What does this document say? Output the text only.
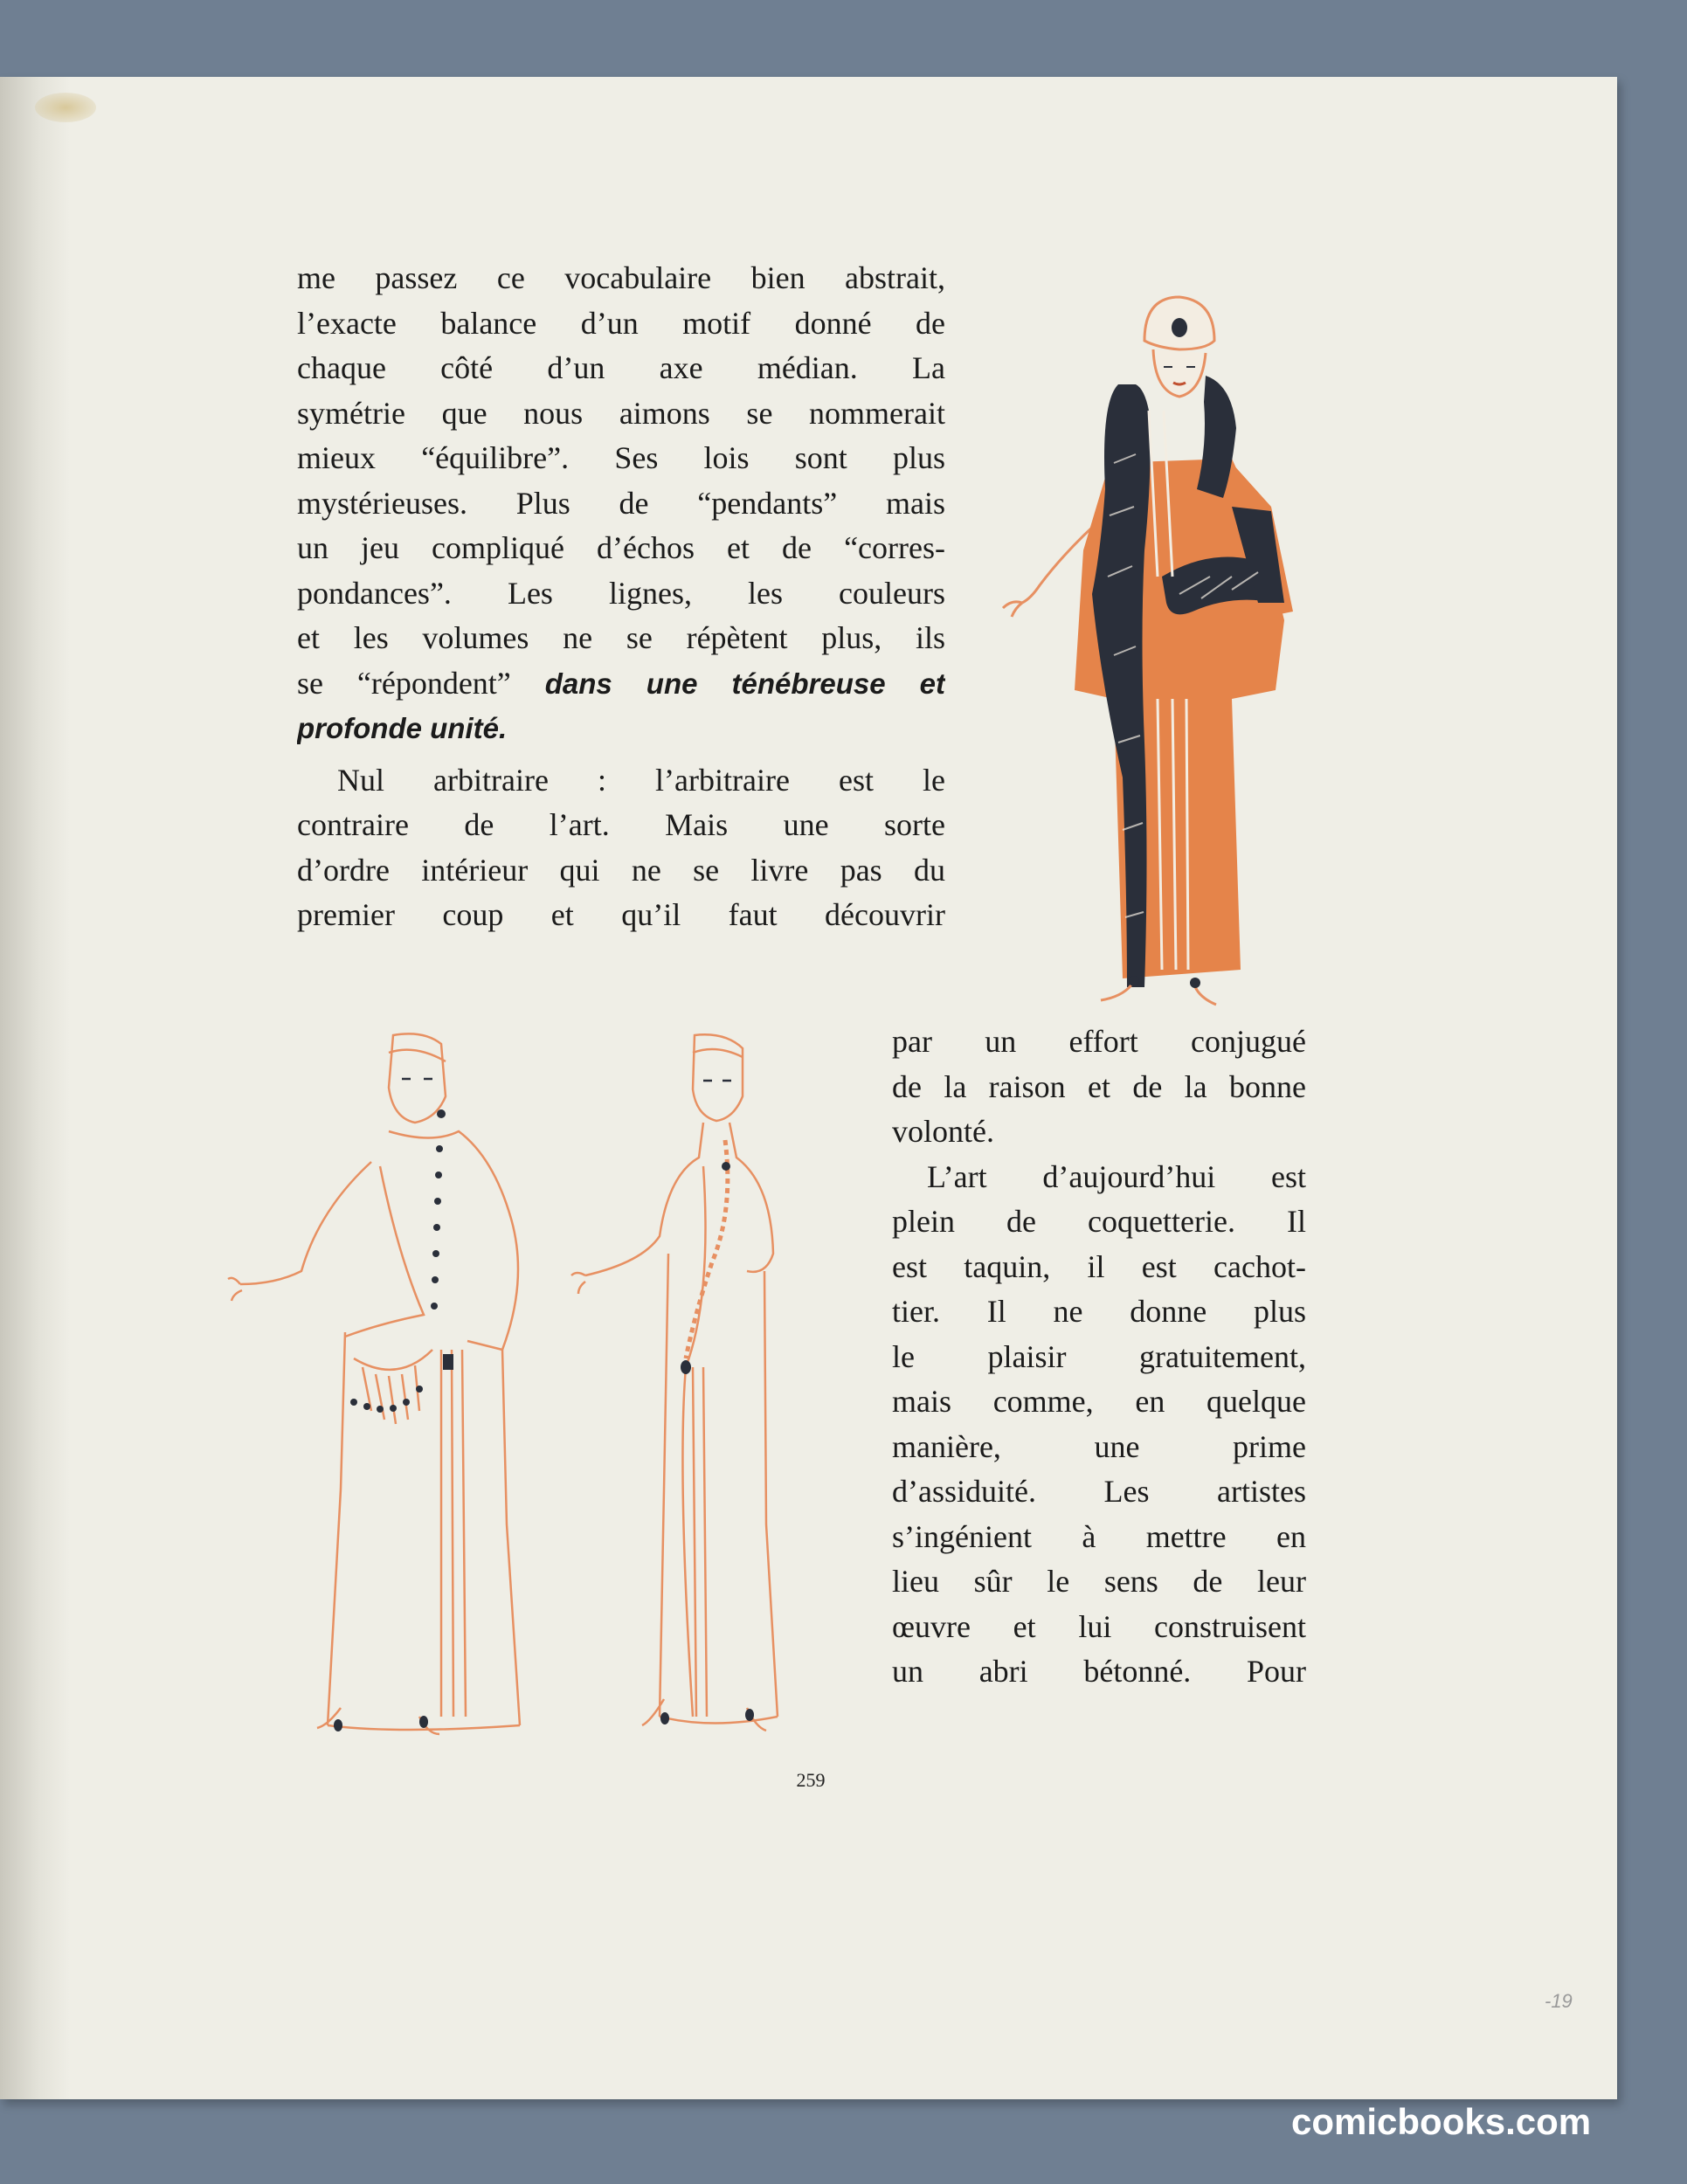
me passez ce vocabulaire bien abstrait,
l’exacte balance d’un motif donné de
chaque côté d’un axe médian. La
symétrie que nous aimons se nommerait
mieux “équilibre”. Ses lois sont plus
mystérieuses. Plus de “pendants” mais
un jeu compliqué d’échos et de “corres-
pondances”. Les lignes, les couleurs
et les volumes ne se répètent plus, ils
se “répondent” dans une ténébreuse et
profonde unité.
Nul arbitraire : l’arbitraire est le
contraire de l’art. Mais une sorte
d’ordre intérieur qui ne se livre pas du
premier coup et qu’il faut découvrir
par un effort conjugué
de la raison et de la bonne
volonté.
L’art d’aujourd’hui est
plein de coquetterie. Il
est taquin, il est cachot-
tier. Il ne donne plus
le plaisir gratuitement,
mais comme, en quelque
manière, une prime
d’assiduité. Les artistes
s’ingénient à mettre en
lieu sûr le sens de leur
œuvre et lui construisent
un abri bétonné. Pour
259
-19
comicbooks.com
